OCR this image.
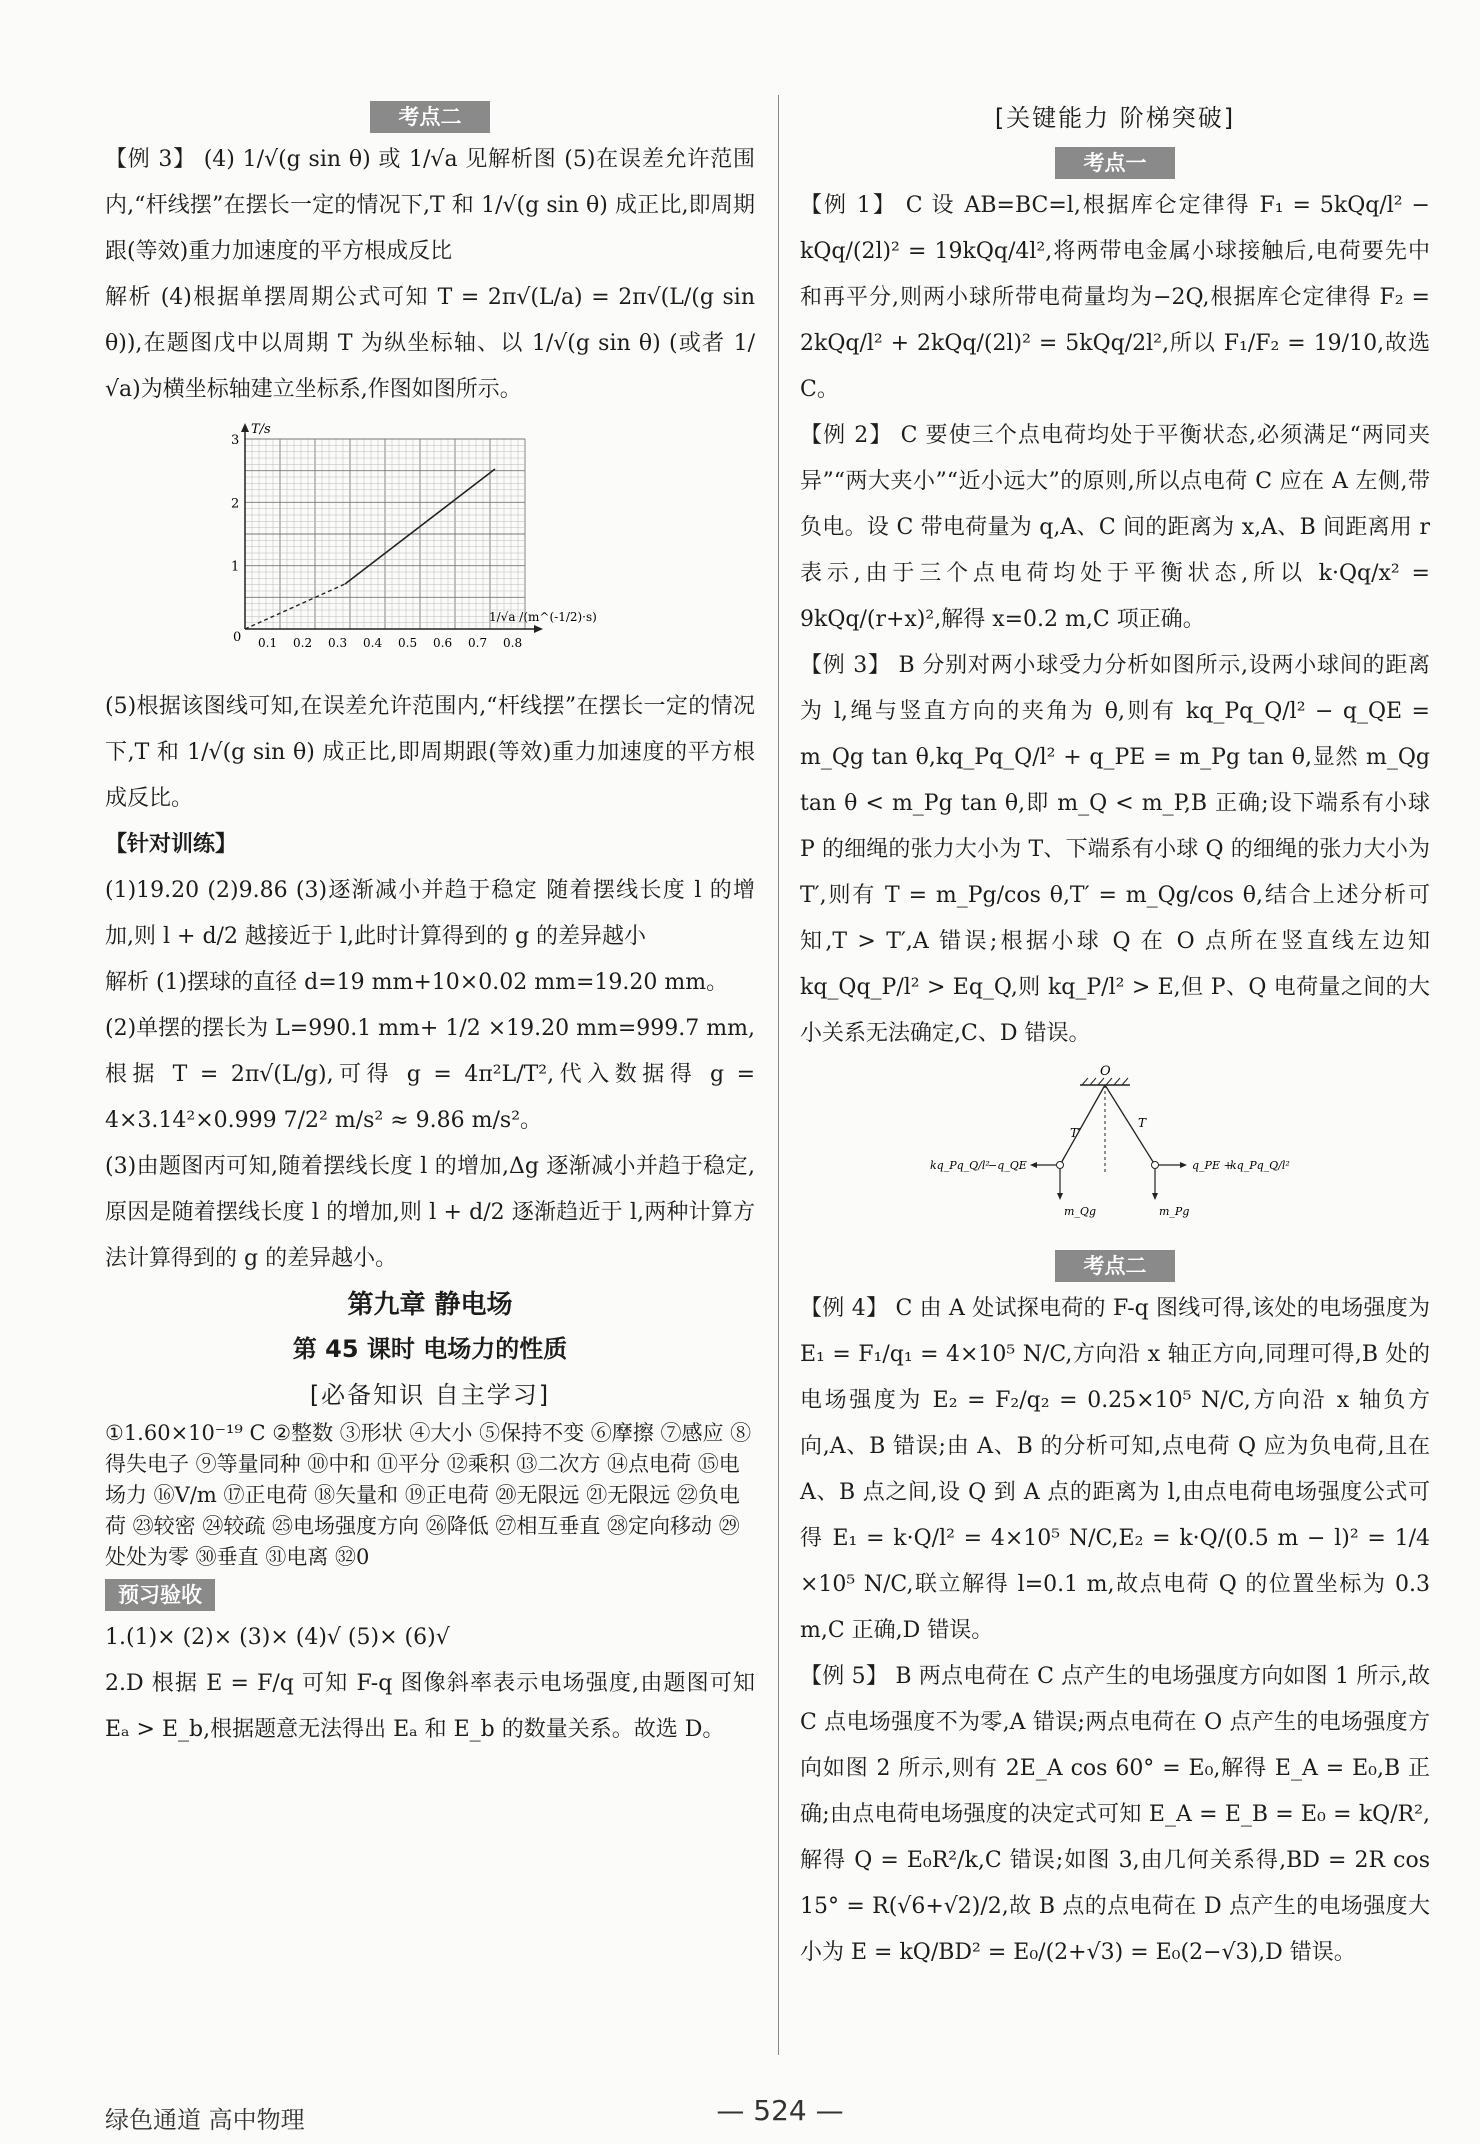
考点二

【例 3】 (4) 1/√(g sin θ) 或 1/√a 见解析图 (5)在误差允许范围内,“杆线摆”在摆长一定的情况下,T 和 1/√(g sin θ) 成正比,即周期跟(等效)重力加速度的平方根成反比

解析 (4)根据单摆周期公式可知 T = 2π√(L/a) = 2π√(L/(g sin θ)),在题图戊中以周期 T 为纵坐标轴、以 1/√(g sin θ) (或者 1/√a)为横坐标轴建立坐标系,作图如图所示。

T/s
0
1
2
3
0.1 0.2 0.3 0.4 0.5 0.6 0.7 0.8
1/√a /(m^(-1/2)·s)

(5)根据该图线可知,在误差允许范围内,“杆线摆”在摆长一定的情况下,T 和 1/√(g sin θ) 成正比,即周期跟(等效)重力加速度的平方根成反比。

【针对训练】

(1)19.20 (2)9.86 (3)逐渐减小并趋于稳定 随着摆线长度 l 的增加,则 l + d/2 越接近于 l,此时计算得到的 g 的差异越小

解析 (1)摆球的直径 d=19 mm+10×0.02 mm=19.20 mm。

(2)单摆的摆长为 L=990.1 mm+ 1/2 ×19.20 mm=999.7 mm,根据 T = 2π√(L/g),可得 g = 4π²L/T²,代入数据得 g = 4×3.14²×0.999 7/2² m/s² ≈ 9.86 m/s²。

(3)由题图丙可知,随着摆线长度 l 的增加,Δg 逐渐减小并趋于稳定,原因是随着摆线长度 l 的增加,则 l + d/2 逐渐趋近于 l,两种计算方法计算得到的 g 的差异越小。

第九章 静电场

第 45 课时 电场力的性质

[必备知识 自主学习]

①1.60×10⁻¹⁹ C ②整数 ③形状 ④大小 ⑤保持不变 ⑥摩擦 ⑦感应 ⑧得失电子 ⑨等量同种 ⑩中和 ⑪平分 ⑫乘积 ⑬二次方 ⑭点电荷 ⑮电场力 ⑯V/m ⑰正电荷 ⑱矢量和 ⑲正电荷 ⑳无限远 ㉑无限远 ㉒负电荷 ㉓较密 ㉔较疏 ㉕电场强度方向 ㉖降低 ㉗相互垂直 ㉘定向移动 ㉙处处为零 ㉚垂直 ㉛电离 ㉜0

预习验收

1.(1)× (2)× (3)× (4)√ (5)× (6)√

2.D 根据 E = F/q 可知 F-q 图像斜率表示电场强度,由题图可知 Eₐ > E_b,根据题意无法得出 Eₐ 和 E_b 的数量关系。故选 D。

[关键能力 阶梯突破]

考点一

【例 1】 C 设 AB=BC=l,根据库仑定律得 F₁ = 5kQq/l² − kQq/(2l)² = 19kQq/4l²,将两带电金属小球接触后,电荷要先中和再平分,则两小球所带电荷量均为−2Q,根据库仑定律得 F₂ = 2kQq/l² + 2kQq/(2l)² = 5kQq/2l²,所以 F₁/F₂ = 19/10,故选 C。

【例 2】 C 要使三个点电荷均处于平衡状态,必须满足“两同夹异”“两大夹小”“近小远大”的原则,所以点电荷 C 应在 A 左侧,带负电。设 C 带电荷量为 q,A、C 间的距离为 x,A、B 间距离用 r 表示,由于三个点电荷均处于平衡状态,所以 k·Qq/x² = 9kQq/(r+x)²,解得 x=0.2 m,C 项正确。

【例 3】 B 分别对两小球受力分析如图所示,设两小球间的距离为 l,绳与竖直方向的夹角为 θ,则有 kq_Pq_Q/l² − q_QE = m_Qg tan θ,kq_Pq_Q/l² + q_PE = m_Pg tan θ,显然 m_Qg tan θ < m_Pg tan θ,即 m_Q < m_P,B 正确;设下端系有小球 P 的细绳的张力大小为 T、下端系有小球 Q 的细绳的张力大小为 T′,则有 T = m_Pg/cos θ,T′ = m_Qg/cos θ,结合上述分析可知,T > T′,A 错误;根据小球 Q 在 O 点所在竖直线左边知 kq_Qq_P/l² > Eq_Q,则 kq_P/l² > E,但 P、Q 电荷量之间的大小关系无法确定,C、D 错误。

O
T′
T
kq_Pq_Q/l²
−q_QE	q_PE +
kq_Pq_Q/l²
m_Qg	m_Pg
考点二

【例 4】 C 由 A 处试探电荷的 F-q 图线可得,该处的电场强度为 E₁ = F₁/q₁ = 4×10⁵ N/C,方向沿 x 轴正方向,同理可得,B 处的电场强度为 E₂ = F₂/q₂ = 0.25×10⁵ N/C,方向沿 x 轴负方向,A、B 错误;由 A、B 的分析可知,点电荷 Q 应为负电荷,且在 A、B 点之间,设 Q 到 A 点的距离为 l,由点电荷电场强度公式可得 E₁ = k·Q/l² = 4×10⁵ N/C,E₂ = k·Q/(0.5 m − l)² = 1/4 ×10⁵ N/C,联立解得 l=0.1 m,故点电荷 Q 的位置坐标为 0.3 m,C 正确,D 错误。

【例 5】 B 两点电荷在 C 点产生的电场强度方向如图 1 所示,故 C 点电场强度不为零,A 错误;两点电荷在 O 点产生的电场强度方向如图 2 所示,则有 2E_A cos 60° = E₀,解得 E_A = E₀,B 正确;由点电荷电场强度的决定式可知 E_A = E_B = E₀ = kQ/R²,解得 Q = E₀R²/k,C 错误;如图 3,由几何关系得,BD = 2R cos 15° = R(√6+√2)/2,故 B 点的点电荷在 D 点产生的电场强度大小为 E = kQ/BD² = E₀/(2+√3) = E₀(2−√3),D 错误。

绿色通道 高中物理	— 524 —
